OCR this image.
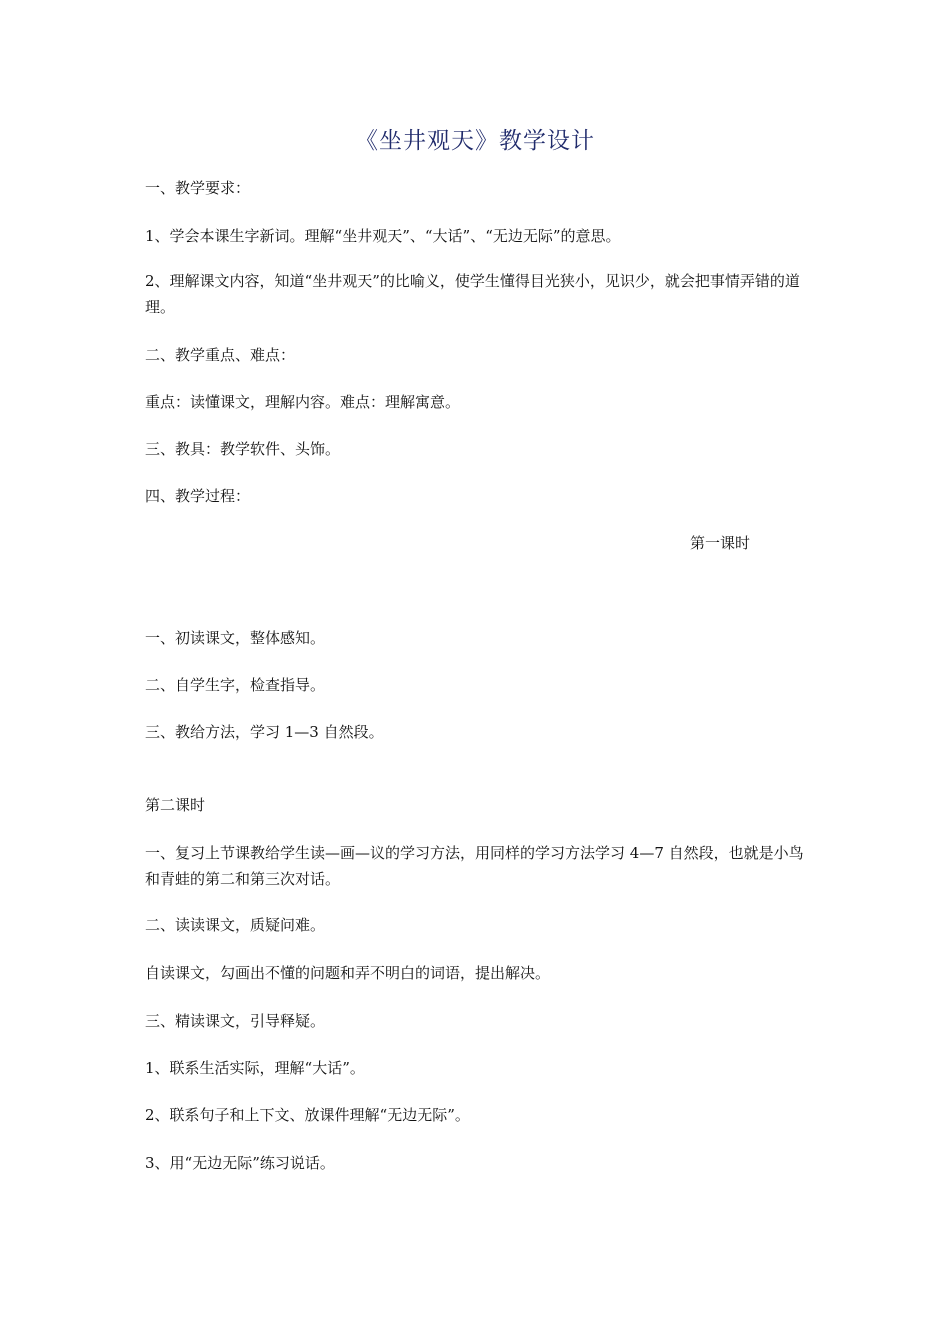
《坐井观天》教学设计

一、教学要求：

1、学会本课生字新词。理解“坐井观天”、“大话”、“无边无际”的意思。

2、理解课文内容，知道“坐井观天”的比喻义，使学生懂得目光狭小，见识少，就会把事情弄错的道理。

二、教学重点、难点：

重点：读懂课文，理解内容。难点：理解寓意。

三、教具：教学软件、头饰。

四、教学过程：

第一课时

一、初读课文，整体感知。

二、自学生字，检查指导。

三、教给方法，学习 1—3 自然段。

第二课时

一、复习上节课教给学生读—画—议的学习方法，用同样的学习方法学习 4—7 自然段，也就是小鸟和青蛙的第二和第三次对话。

二、读读课文，质疑问难。

自读课文，勾画出不懂的问题和弄不明白的词语，提出解决。

三、精读课文，引导释疑。

1、联系生活实际，理解“大话”。

2、联系句子和上下文、放课件理解“无边无际”。

3、用“无边无际”练习说话。
